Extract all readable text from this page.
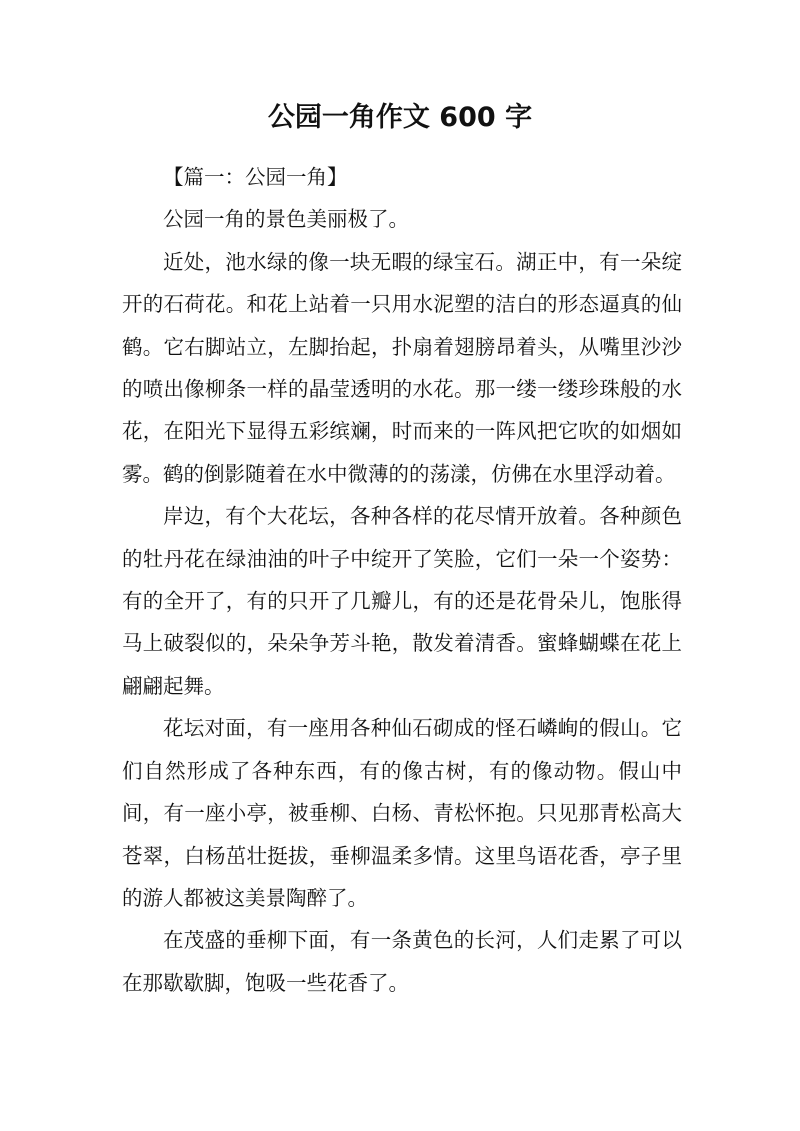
公园一角作文 600 字

【篇一：公园一角】

公园一角的景色美丽极了。

近处，池水绿的像一块无暇的绿宝石。湖正中，有一朵绽开的石荷花。和花上站着一只用水泥塑的洁白的形态逼真的仙鹤。它右脚站立，左脚抬起，扑扇着翅膀昂着头，从嘴里沙沙的喷出像柳条一样的晶莹透明的水花。那一缕一缕珍珠般的水花，在阳光下显得五彩缤斓，时而来的一阵风把它吹的如烟如雾。鹤的倒影随着在水中微薄的的荡漾，仿佛在水里浮动着。

岸边，有个大花坛，各种各样的花尽情开放着。各种颜色的牡丹花在绿油油的叶子中绽开了笑脸，它们一朵一个姿势：有的全开了，有的只开了几瓣儿，有的还是花骨朵儿，饱胀得马上破裂似的，朵朵争芳斗艳，散发着清香。蜜蜂蝴蝶在花上翩翩起舞。

花坛对面，有一座用各种仙石砌成的怪石嶙峋的假山。它们自然形成了各种东西，有的像古树，有的像动物。假山中间，有一座小亭，被垂柳、白杨、青松怀抱。只见那青松高大苍翠，白杨茁壮挺拔，垂柳温柔多情。这里鸟语花香，亭子里的游人都被这美景陶醉了。

在茂盛的垂柳下面，有一条黄色的长河，人们走累了可以在那歇歇脚，饱吸一些花香了。
